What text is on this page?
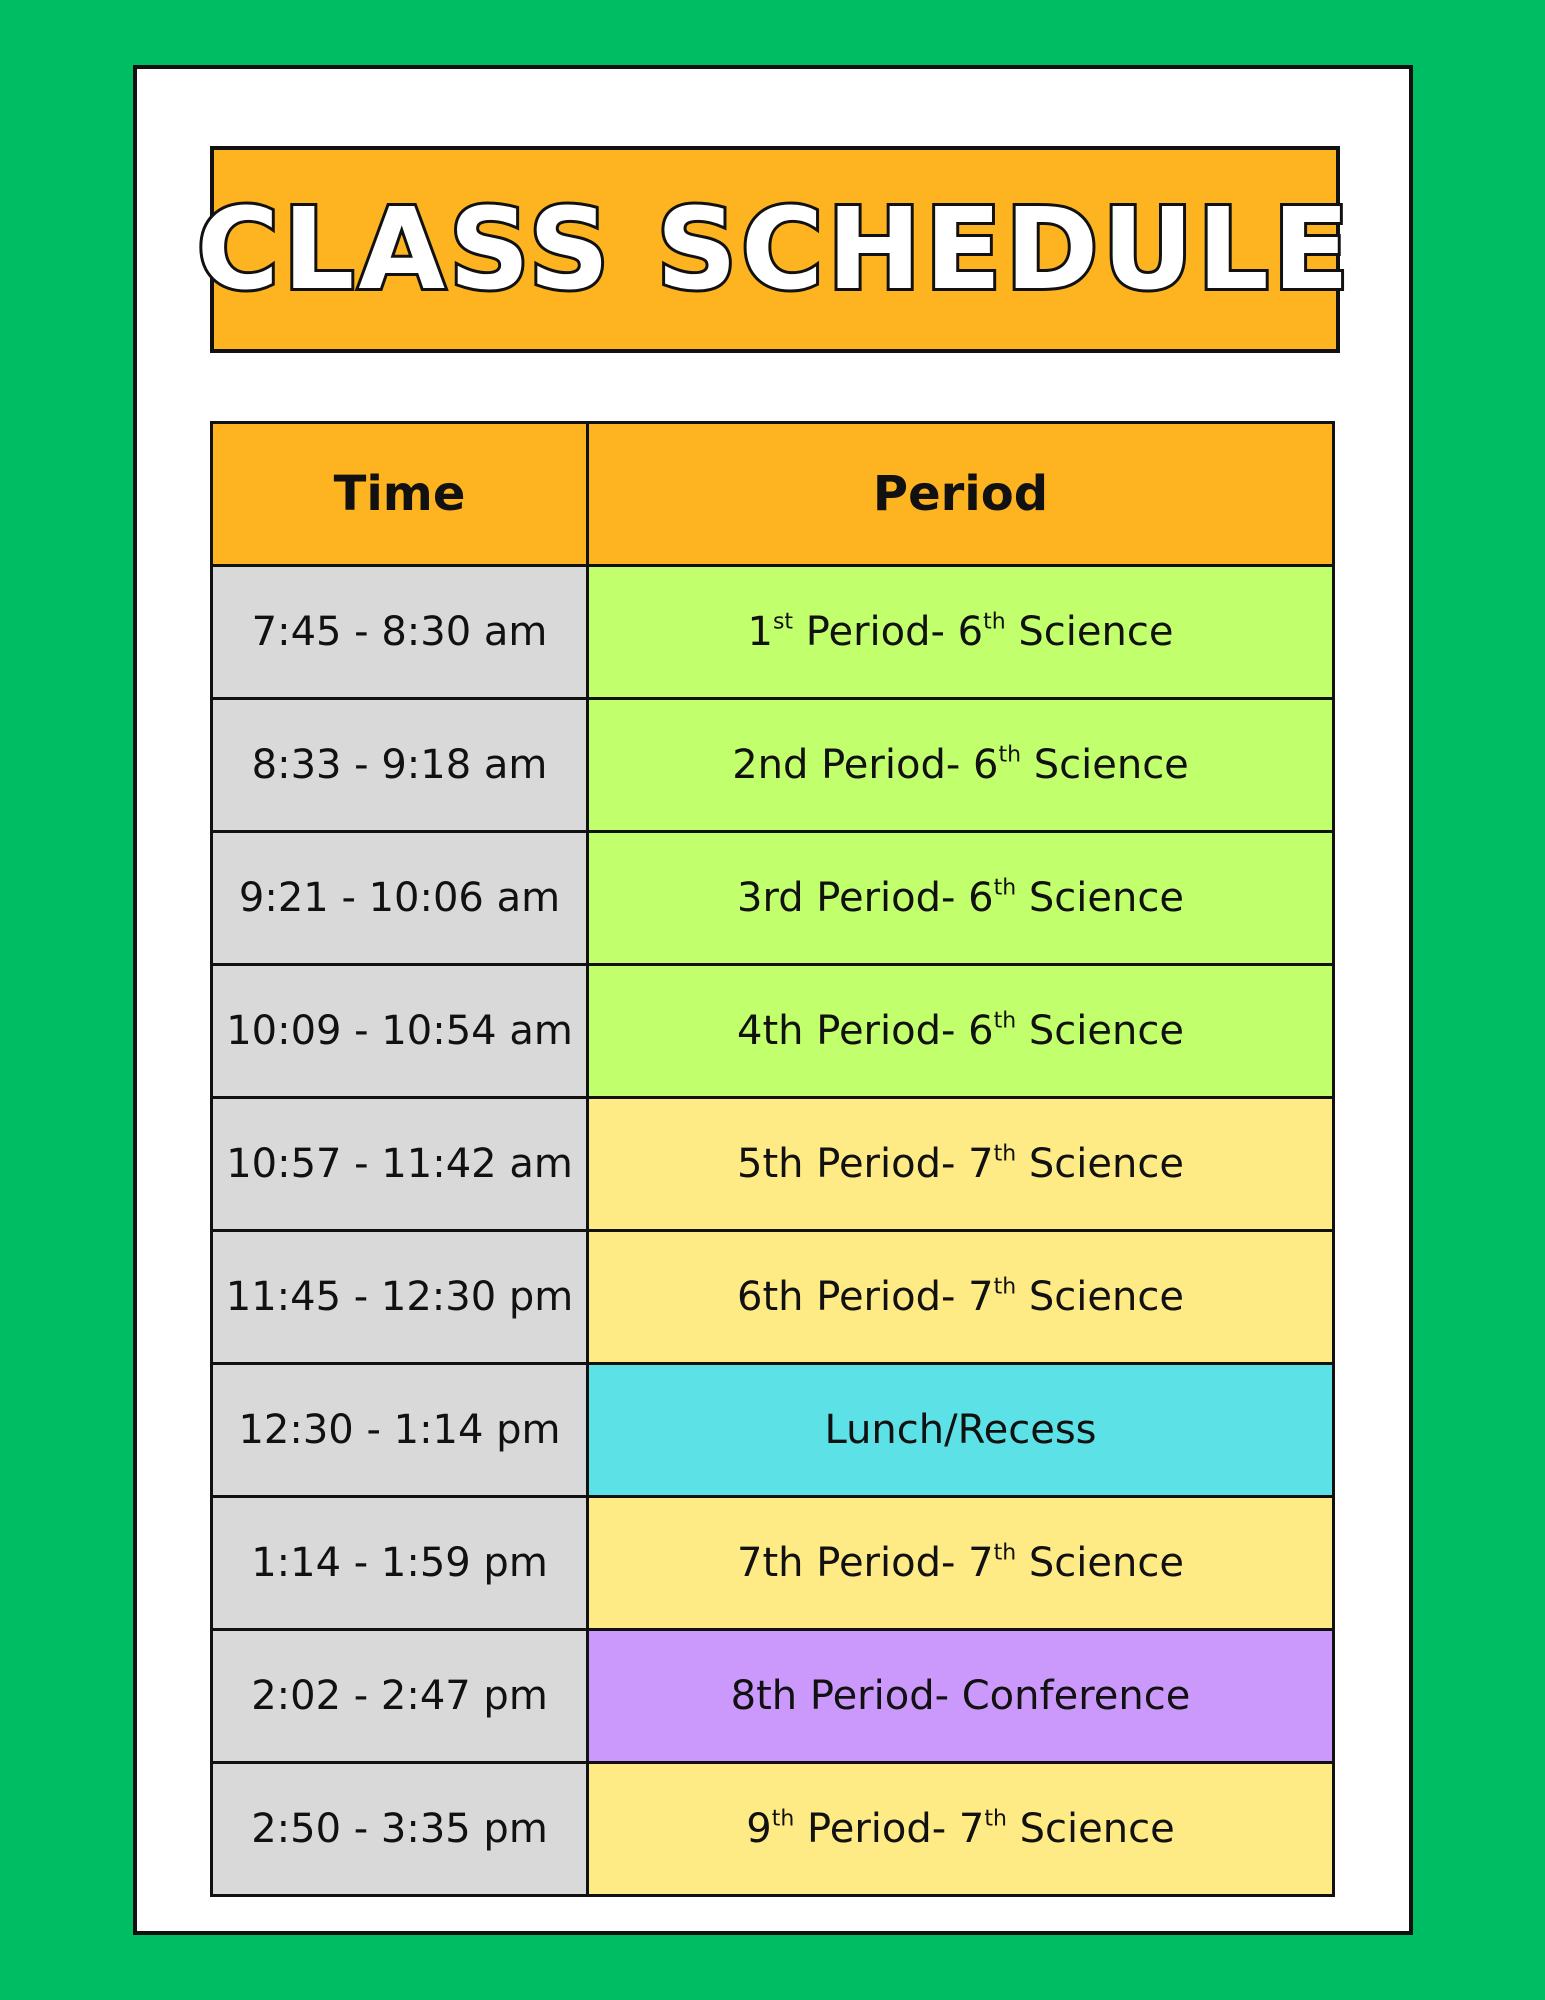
CLASS SCHEDULE
Time	Period
7:45 - 8:30 am	1st Period- 6th Science
8:33 - 9:18 am	2nd Period- 6th Science
9:21 - 10:06 am	3rd Period- 6th Science
10:09 - 10:54 am	4th Period- 6th Science
10:57 - 11:42 am	5th Period- 7th Science
11:45 - 12:30 pm	6th Period- 7th Science
12:30 - 1:14 pm	Lunch/Recess
1:14 - 1:59 pm	7th Period- 7th Science
2:02 - 2:47 pm	8th Period- Conference
2:50 - 3:35 pm	9th Period- 7th Science
